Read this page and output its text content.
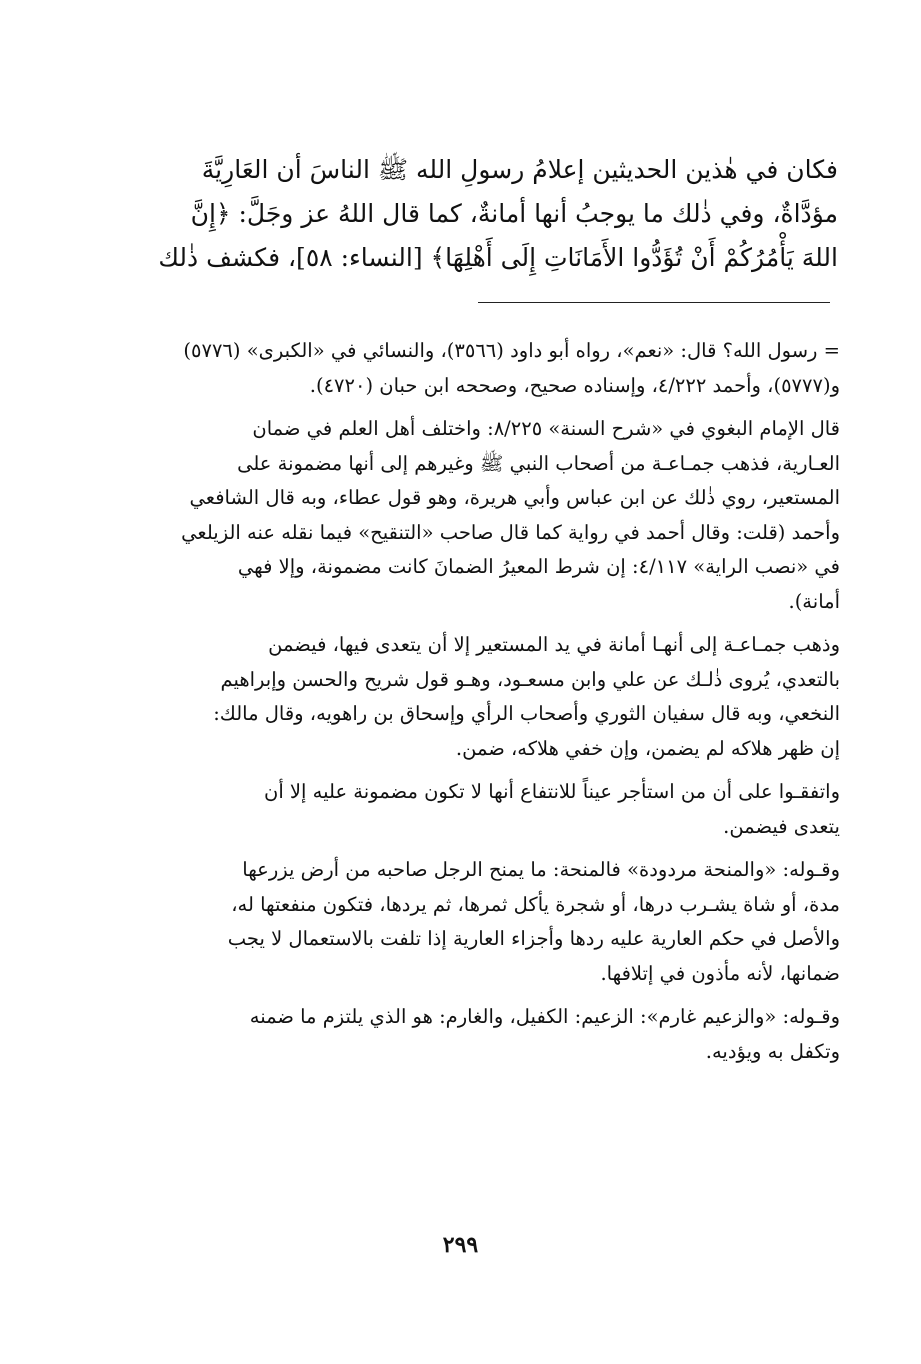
فكان في هٰذين الحديثين إعلامُ رسولِ الله ﷺ الناسَ أن العَارِيَّةَ
مؤدَّاةٌ، وفي ذٰلك ما يوجبُ أنها أمانةٌ، كما قال اللهُ عز وجَلَّ: ﴿إِنَّ
اللهَ يَأْمُرُكُمْ أَنْ تُؤَدُّوا الأَمَانَاتِ إِلَى أَهْلِهَا﴾ [النساء: ٥٨]، فكشف ذٰلك
= رسول الله؟ قال: «نعم»، رواه أبو داود (٣٥٦٦)، والنسائي في «الكبرى» (٥٧٧٦)
و(٥٧٧٧)، وأحمد ٤/٢٢٢، وإسناده صحيح، وصححه ابن حبان (٤٧٢٠).
قال الإمام البغوي في «شرح السنة» ٨/٢٢٥: واختلف أهل العلم في ضمان
العـارية، فذهب جمـاعـة من أصحاب النبي ﷺ وغيرهم إلى أنها مضمونة على
المستعير، روي ذٰلك عن ابن عباس وأبي هريرة، وهو قول عطاء، وبه قال الشافعي
وأحمد (قلت: وقال أحمد في رواية كما قال صاحب «التنقيح» فيما نقله عنه الزيلعي
في «نصب الراية» ٤/١١٧: إن شرط المعيرُ الضمانَ كانت مضمونة، وإلا فهي
أمانة).
وذهب جمـاعـة إلى أنهـا أمانة في يد المستعير إلا أن يتعدى فيها، فيضمن
بالتعدي، يُروى ذٰلـك عن علي وابن مسعـود، وهـو قول شريح والحسن وإبراهيم
النخعي، وبه قال سفيان الثوري وأصحاب الرأي وإسحاق بن راهويه، وقال مالك:
إن ظهر هلاكه لم يضمن، وإن خفي هلاكه، ضمن.
واتفقـوا على أن من استأجر عيناً للانتفاع أنها لا تكون مضمونة عليه إلا أن
يتعدى فيضمن.
وقـوله: «والمنحة مردودة» فالمنحة: ما يمنح الرجل صاحبه من أرض يزرعها
مدة، أو شاة يشـرب درها، أو شجرة يأكل ثمرها، ثم يردها، فتكون منفعتها له،
والأصل في حكم العارية عليه ردها وأجزاء العارية إذا تلفت بالاستعمال لا يجب
ضمانها، لأنه مأذون في إتلافها.
وقـوله: «والزعيم غارم»: الزعيم: الكفيل، والغارم: هو الذي يلتزم ما ضمنه
وتكفل به ويؤديه.
٢٩٩
